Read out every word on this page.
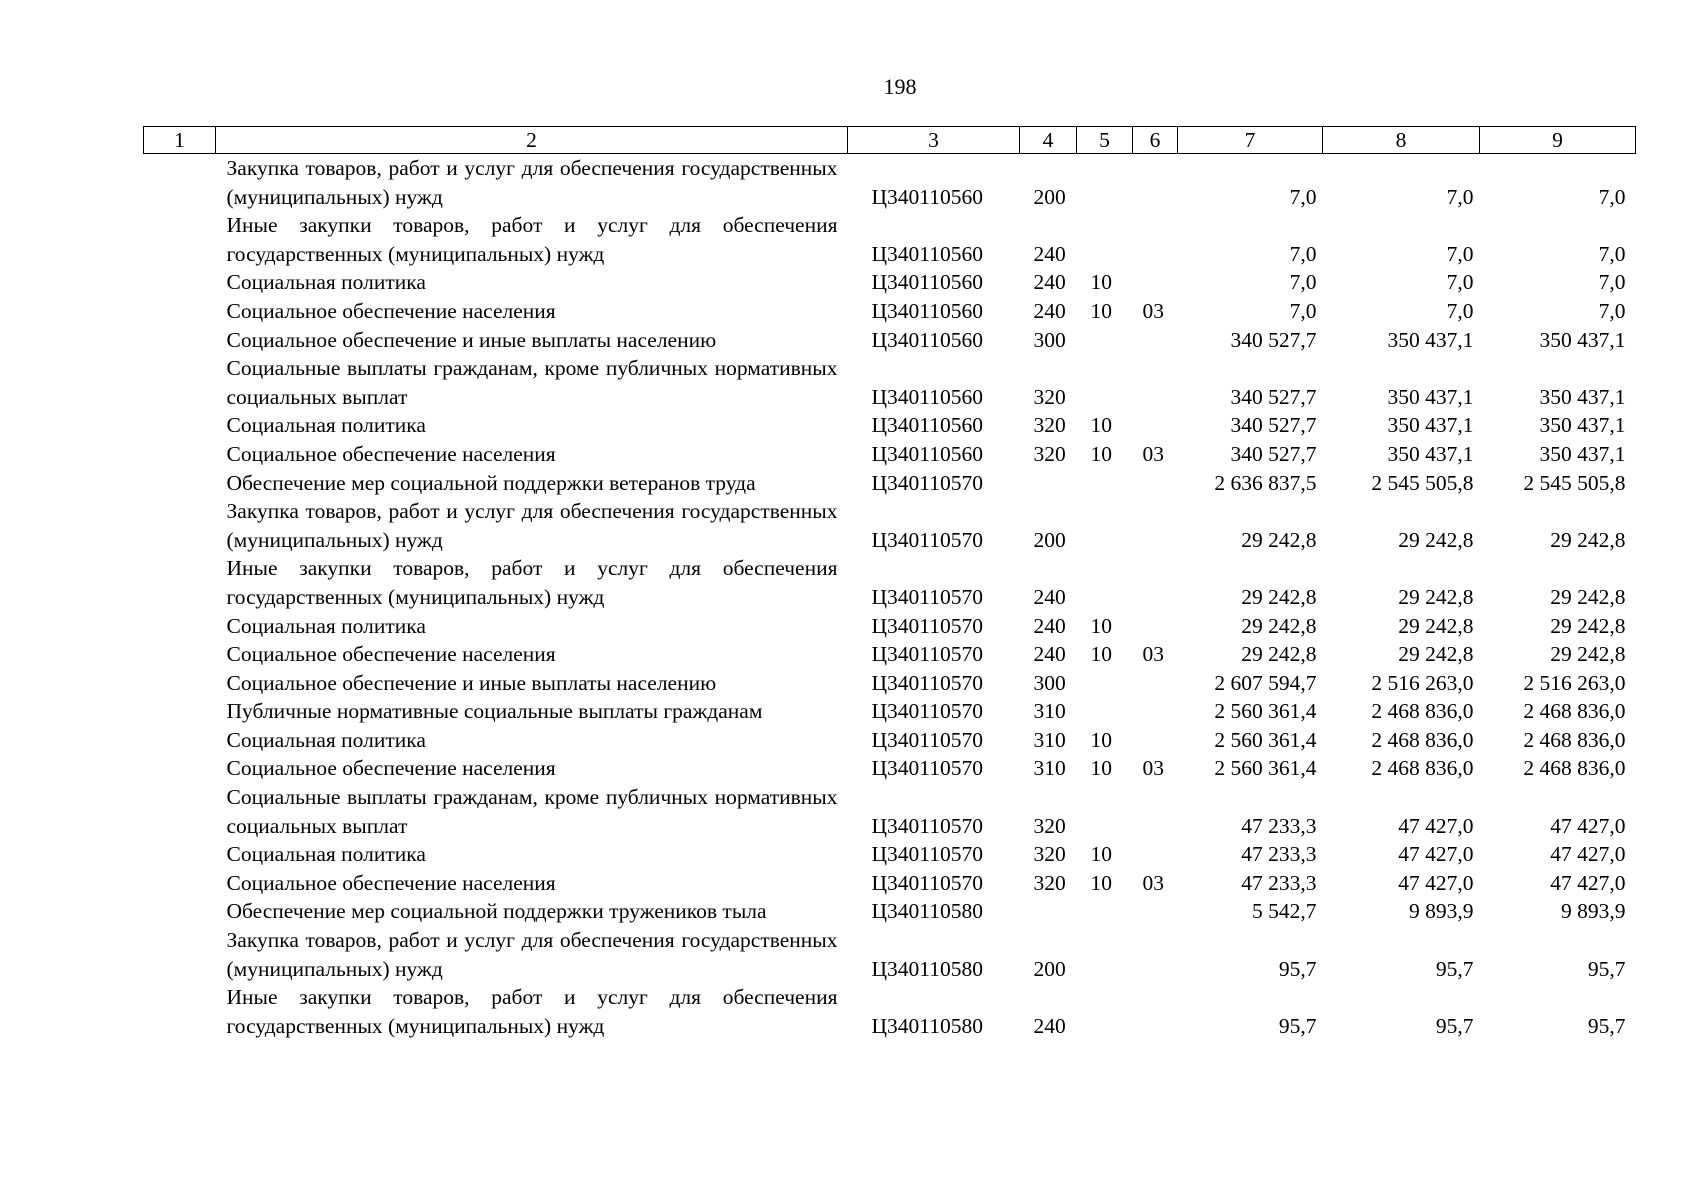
198
1	2	3	4	5	6	7	8	9
	Закупка товаров, работ и услуг для обеспечения государственных (муниципальных) нужд	Ц340110560	200			7,0	7,0	7,0
	Иные закупки товаров, работ и услуг для обеспечения государственных (муниципальных) нужд	Ц340110560	240			7,0	7,0	7,0
	Социальная политика	Ц340110560	240	10		7,0	7,0	7,0
	Социальное обеспечение населения	Ц340110560	240	10	03	7,0	7,0	7,0
	Социальное обеспечение и иные выплаты населению	Ц340110560	300			340 527,7	350 437,1	350 437,1
	Социальные выплаты гражданам, кроме публичных нормативных социальных выплат	Ц340110560	320			340 527,7	350 437,1	350 437,1
	Социальная политика	Ц340110560	320	10		340 527,7	350 437,1	350 437,1
	Социальное обеспечение населения	Ц340110560	320	10	03	340 527,7	350 437,1	350 437,1
	Обеспечение мер социальной поддержки ветеранов труда	Ц340110570				2 636 837,5	2 545 505,8	2 545 505,8
	Закупка товаров, работ и услуг для обеспечения государственных (муниципальных) нужд	Ц340110570	200			29 242,8	29 242,8	29 242,8
	Иные закупки товаров, работ и услуг для обеспечения государственных (муниципальных) нужд	Ц340110570	240			29 242,8	29 242,8	29 242,8
	Социальная политика	Ц340110570	240	10		29 242,8	29 242,8	29 242,8
	Социальное обеспечение населения	Ц340110570	240	10	03	29 242,8	29 242,8	29 242,8
	Социальное обеспечение и иные выплаты населению	Ц340110570	300			2 607 594,7	2 516 263,0	2 516 263,0
	Публичные нормативные социальные выплаты гражданам	Ц340110570	310			2 560 361,4	2 468 836,0	2 468 836,0
	Социальная политика	Ц340110570	310	10		2 560 361,4	2 468 836,0	2 468 836,0
	Социальное обеспечение населения	Ц340110570	310	10	03	2 560 361,4	2 468 836,0	2 468 836,0
	Социальные выплаты гражданам, кроме публичных нормативных социальных выплат	Ц340110570	320			47 233,3	47 427,0	47 427,0
	Социальная политика	Ц340110570	320	10		47 233,3	47 427,0	47 427,0
	Социальное обеспечение населения	Ц340110570	320	10	03	47 233,3	47 427,0	47 427,0
	Обеспечение мер социальной поддержки тружеников тыла	Ц340110580				5 542,7	9 893,9	9 893,9
	Закупка товаров, работ и услуг для обеспечения государственных (муниципальных) нужд	Ц340110580	200			95,7	95,7	95,7
	Иные закупки товаров, работ и услуг для обеспечения государственных (муниципальных) нужд	Ц340110580	240			95,7	95,7	95,7
